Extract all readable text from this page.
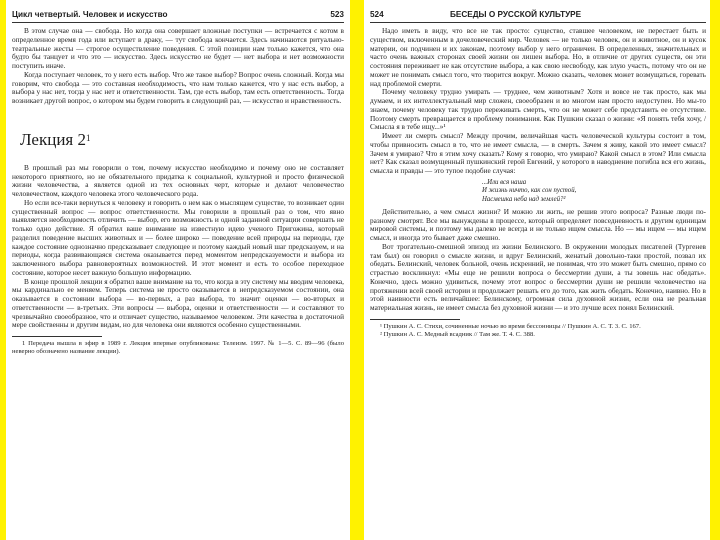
Цикл четвертый. Человек и искусство	523

В этом случае она — свобода. Но когда она совершает вложные поступки — встречается с котом в определенное время года или вступает в драку, — тут свобода кончается. Здесь начинаются ритуально-театральные жесты — строгое осуществление поведения. С этой позиции нам только кажется, что она будто бы танцует и что это — искусство. Здесь искусство не будет — нет выбора и нет возможности поступить иначе.

Когда поступает человек, то у него есть выбор. Что же такое выбор? Вопрос очень сложный. Когда мы говорим, что свобода — это составная необходимость, что нам только кажется, что у нас есть выбор, а выбора у нас нет, тогда у нас нет и ответственности. Там, где есть выбор, там есть ответственность. Тогда возникает другой вопрос, о котором мы будем говорить в следующий раз, — искусство и нравственность.

Лекция $2^1$

В прошлый раз мы говорили о том, почему искусство необходимо и почему оно не составляет некоторого приятного, но не обязательного придатка к социальной, культурной и просто физической жизни человечества, а является одной из тех основных черт, которые и делают человечество человечеством, каждого человека этого человеческого рода.

Но если все-таки вернуться к человеку и говорить о нем как о мыслящем существе, то возникает один существенный вопрос — вопрос ответственности. Мы говорили в прошлый раз о том, что явно выявляется необходимость отличить — выбор, его возможность и одной заданной ситуации совершать не только одно действие. Я обратил ваше внимание на известную идею ученого Пригожина, который разделил поведение высших животных и — более широко — поведение всей природы на периоды, где каждое состояние однозначно предсказывает следующее и поэтому каждый новый шаг предсказуем, и на периоды, когда развивающаяся система оказывается перед моментом непредсказуемости и выбора из заключенного выбора равновероятных возможностей. И этот момент и есть то особое переходное состояние, которое несет важную большую информацию.

В конце прошлой лекции я обратил ваше внимание на то, что когда в эту систему мы вводим человека, мы кардинально ее меняем. Теперь система не просто оказывается в непредсказуемом состоянии, она оказывается в состоянии выбора — во-первых, а раз выбора, то значит оценки — во-вторых и ответственности — в-третьих. Эти вопросы — выбора, оценки и ответственности — и составляют то чрезвычайно своеобразное, что и отличает существо, называемое человеком. Эти качества в достаточной мере свойственны и другим видам, но для человека они являются особенно существенными.

1 Передача вышла в эфир в 1989 г. Лекция впервые опубликована: Телеизм. 1997. № 1—5. С. 89—96 (было неверно обозначено название лекции).

524	БЕСЕДЫ О РУССКОЙ КУЛЬТУРЕ

Надо иметь в виду, что все не так просто: существо, ставшее человеком, не перестает быть и существом, включенным в дочеловеческий мир. Человек — не только человек, он и животное, он и кусок материи, он подчинен и их законам, поэтому выбор у него ограничен. В определенных, значительных и часто очень важных сторонах своей жизни он лишен выбора. Но, в отличие от других существ, он эти состояния переживает не как отсутствие выбора, а как свою несвободу, как злую участь, потому что он не может не понимать смысл того, что творится вокруг. Можно сказать, человек может возмущаться, горевать над проблемой смерти.

Почему человеку трудно умирать — труднее, чем животным? Хотя и вовсе не так просто, как мы думаем, и их интеллектуальный мир сложен, своеобразен и во многом нам просто недоступен. Но мы-то знаем, почему человеку так трудно переживать смерть, что он не может себе представить ее отсутствие. Поэтому смерть превращается в проблему понимания. Как Пушкин сказал о жизни: «Я понять тебя хочу, / Смысла я в тебе ищу...»¹

Имеет ли смерть смысл? Между прочим, величайшая часть человеческой культуры состоит в том, чтобы привносить смысл в то, что не имеет смысла, — в смерть. Зачем я живу, какой это имеет смысл? Зачем я умираю? Что я этим хочу сказать? Кому я говорю, что умираю? Какой смысл в этом? Или смысла нет? Как сказал возмущенный пушкинский герой Евгений, у которого в наводнение погибла вся его жизнь, смысла и правды — это тупое подобие случая:

...Или вся наша
И жизнь ничто, как сон пустой,
Насмешка неба над землей?²

Действительно, а чем смысл жизни? И можно ли жить, не решив этого вопроса? Разные люди по-разному смотрят. Все мы вынуждены в процессе, который определяет повседневность и другим единицам мировой системы, и поэтому мы далеко не всегда и не только ищем смысла. Но — мы ищем — мы ищем смысл, и иногда это бывает даже смешно.

Вот трогательно-смешной эпизод из жизни Белинского. В окружении молодых писателей (Тургенев там был) он говорил о смысле жизни, и вдруг Белинский, женатый довольно-таки простой, позвал их обедать. Белинский, человек больной, очень искренний, не понимая, что это может быть смешно, прямо со страстью воскликнул: «Мы еще не решили вопроса о бессмертии души, а ты зовешь нас обедать». Конечно, здесь можно удивиться, почему этот вопрос о бессмертии души не решили человечество на протяжении всей своей истории и продолжает решать его до того, как жить обедать. Конечно, наивно. Но в этой наивности есть величайшее: Белинскому, огромная сила духовной жизни, если она не реальная материальная жизнь, не имеет смысла без духовной жизни — и это лучше всех понял Белинский.

¹ Пушкин А. С. Стихи, сочиненные ночью во время бессонницы // Пушкин А. С. Т. 3. С. 167.

² Пушкин А. С. Медный всадник // Там же. Т. 4. С. 388.
